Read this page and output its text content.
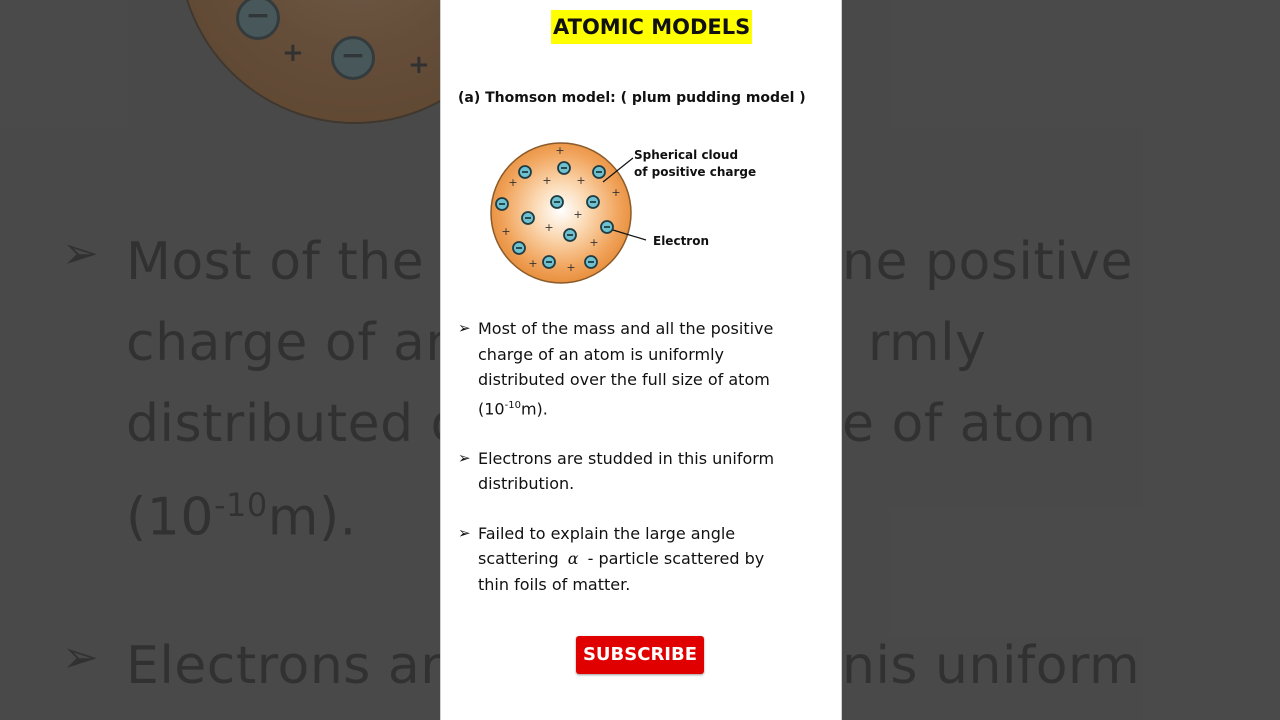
ATOMIC MODELS
(a) Thomson model: ( plum pudding model )
+
+ + +
+
+
+
+
+
+	+
Spherical cloud
of positive charge
Electron
➢ Most of the mass and all the positive
charge of an atom is uniformly
distributed over the full size of atom
$(10^{-10}m)$.
➢ Electrons are studded in this uniform
distribution.
➢ Failed to explain the large angle
scattering α - particle scattered by
thin foils of matter.
SUBSCRIBE
